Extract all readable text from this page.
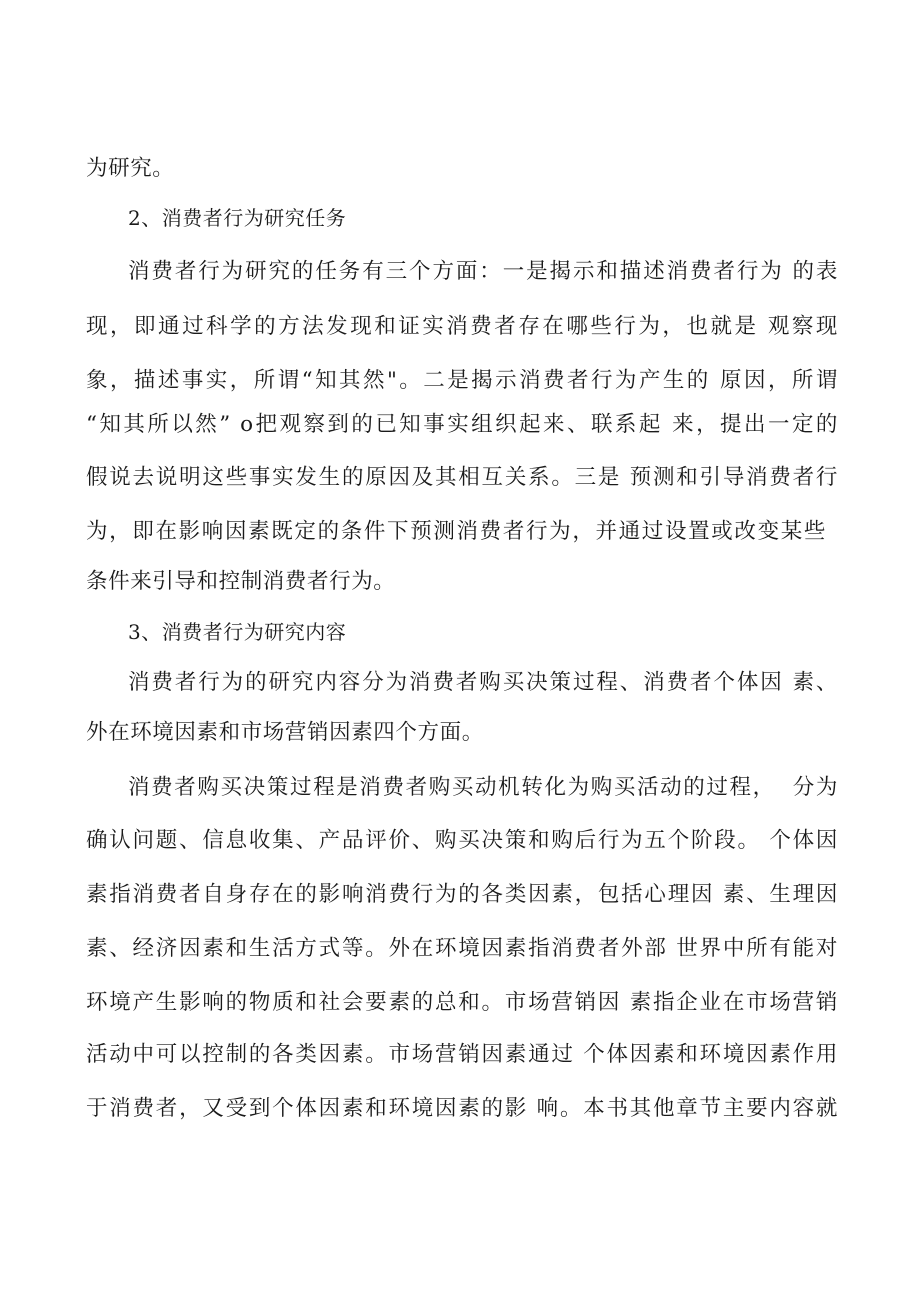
为研究。
2、消费者行为研究任务
消费者行为研究的任务有三个方面：一是揭示和描述消费者行为 的表
现，即通过科学的方法发现和证实消费者存在哪些行为，也就是 观察现
象，描述事实，所谓“知其然"。二是揭示消费者行为产生的 原因，所谓
“知其所以然” o把观察到的已知事实组织起来、联系起 来，提出一定的
假说去说明这些事实发生的原因及其相互关系。三是 预测和引导消费者行
为，即在影响因素既定的条件下预测消费者行为，并通过设置或改变某些
条件来引导和控制消费者行为。
3、消费者行为研究内容
消费者行为的研究内容分为消费者购买决策过程、消费者个体因 素、
外在环境因素和市场营销因素四个方面。
消费者购买决策过程是消费者购买动机转化为购买活动的过程，  分为
确认问题、信息收集、产品评价、购买决策和购后行为五个阶段。 个体因
素指消费者自身存在的影响消费行为的各类因素，包括心理因 素、生理因
素、经济因素和生活方式等。外在环境因素指消费者外部 世界中所有能对
环境产生影响的物质和社会要素的总和。市场营销因 素指企业在市场营销
活动中可以控制的各类因素。市场营销因素通过 个体因素和环境因素作用
于消费者，又受到个体因素和环境因素的影 响。本书其他章节主要内容就
